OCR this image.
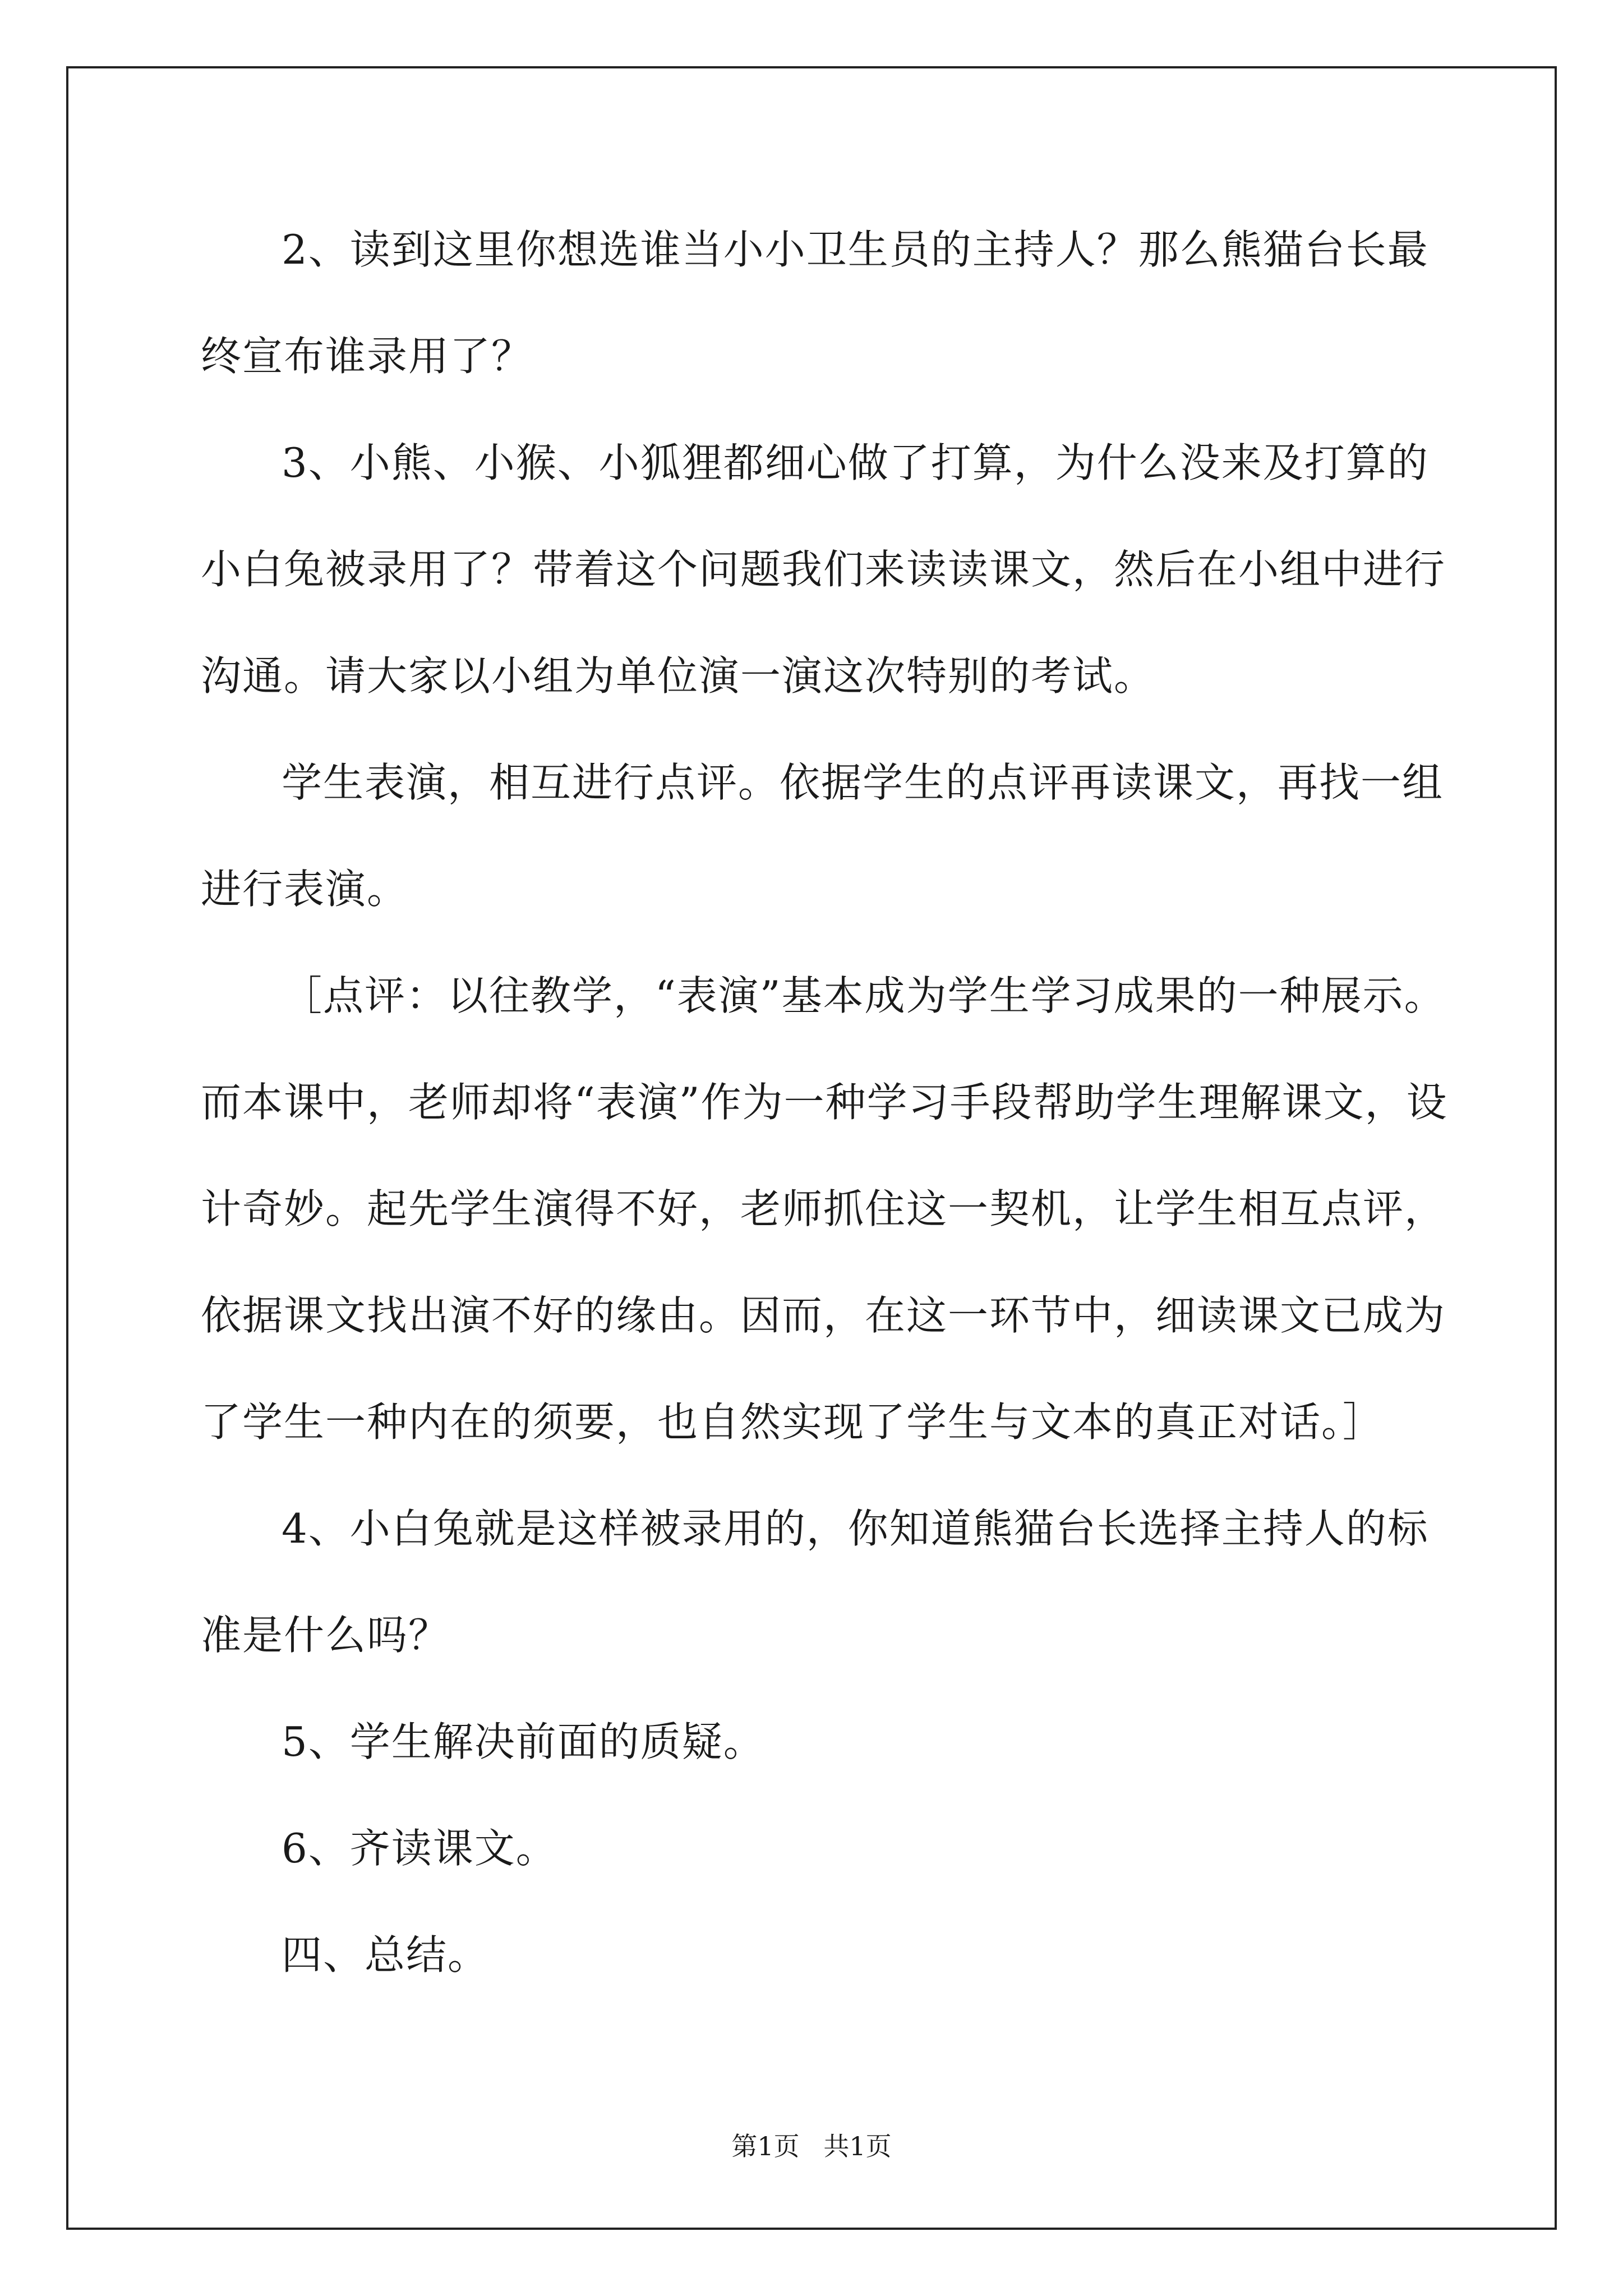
2、读到这里你想选谁当小小卫生员的主持人？那么熊猫台长最终宣布谁录用了？

3、小熊、小猴、小狐狸都细心做了打算，为什么没来及打算的小白兔被录用了？带着这个问题我们来读读课文，然后在小组中进行沟通。请大家以小组为单位演一演这次特别的考试。

学生表演，相互进行点评。依据学生的点评再读课文，再找一组进行表演。

［点评：以往教学，“表演”基本成为学生学习成果的一种展示。而本课中，老师却将“表演”作为一种学习手段帮助学生理解课文，设计奇妙。起先学生演得不好，老师抓住这一契机，让学生相互点评，依据课文找出演不好的缘由。因而，在这一环节中，细读课文已成为了学生一种内在的须要，也自然实现了学生与文本的真正对话。］

4、小白兔就是这样被录用的，你知道熊猫台长选择主持人的标准是什么吗？

5、学生解决前面的质疑。

6、齐读课文。

四、总结。

第1页 共1页
